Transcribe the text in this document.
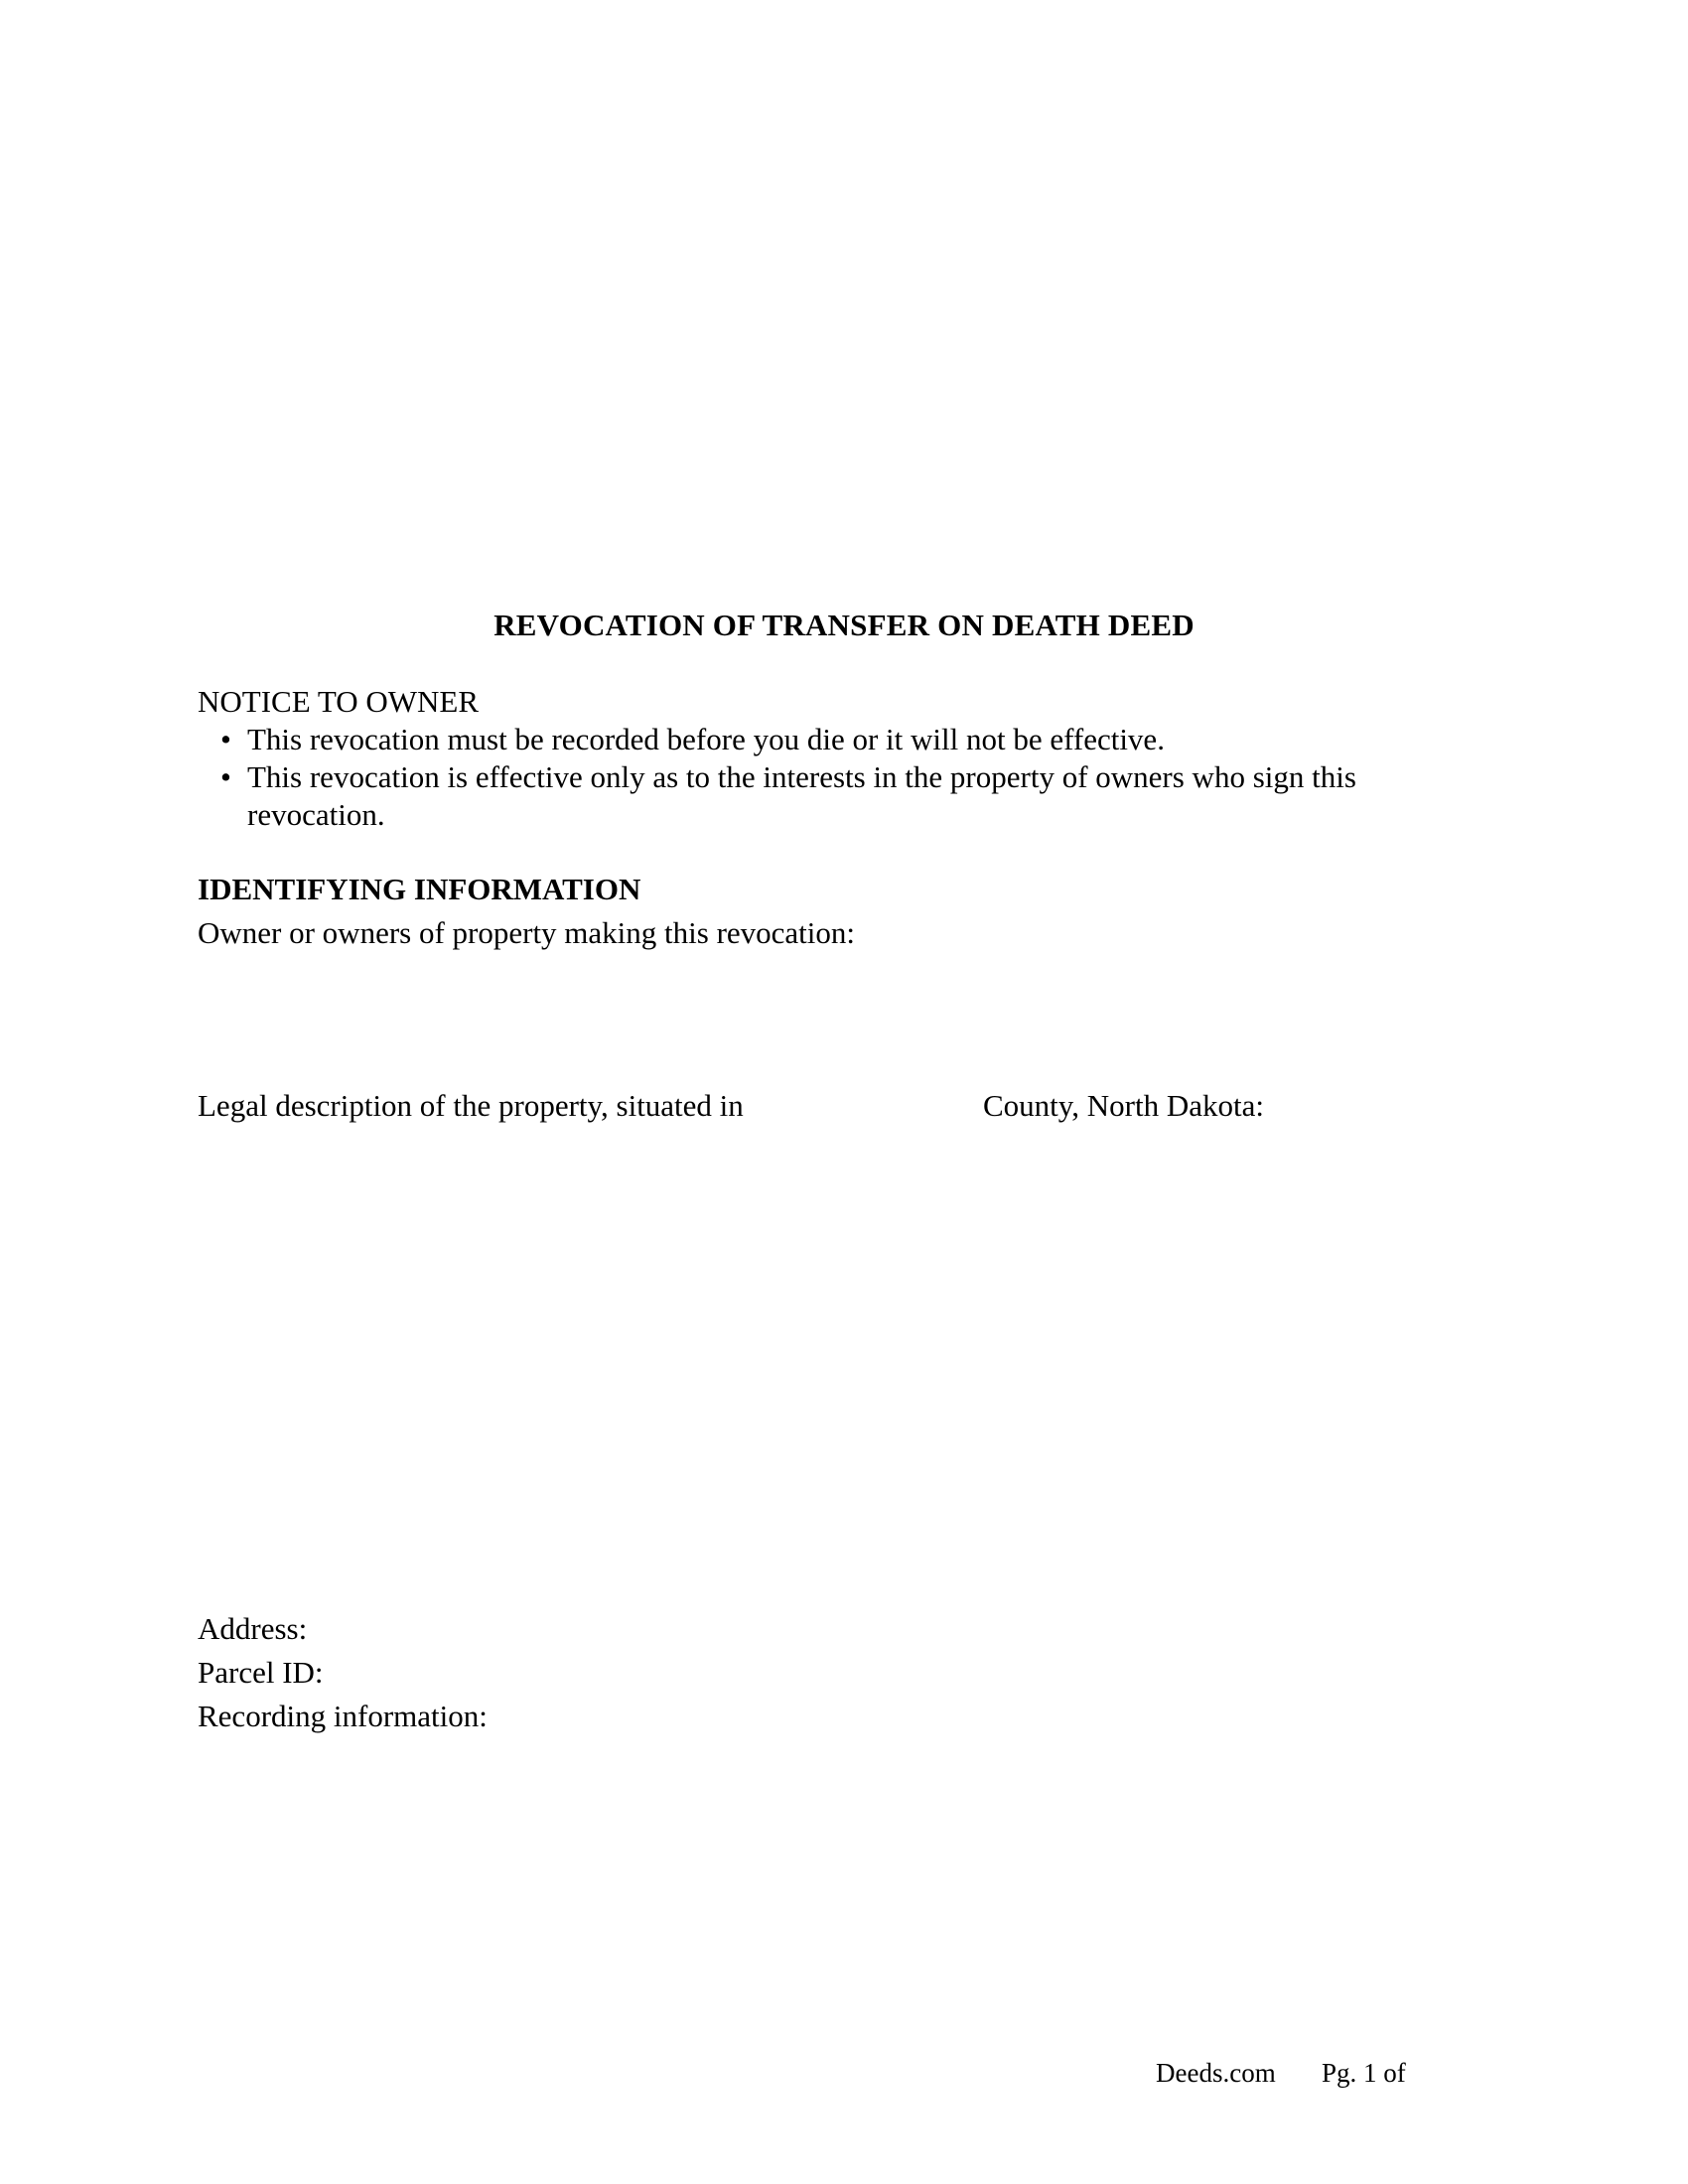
REVOCATION OF TRANSFER ON DEATH DEED
NOTICE TO OWNER
• This revocation must be recorded before you die or it will not be effective.
• This revocation is effective only as to the interests in the property of owners who sign this revocation.
IDENTIFYING INFORMATION
Owner or owners of property making this revocation:
Legal description of the property, situated in	County, North Dakota:
Address:
Parcel ID:
Recording information:
Deeds.com Pg. 1 of
